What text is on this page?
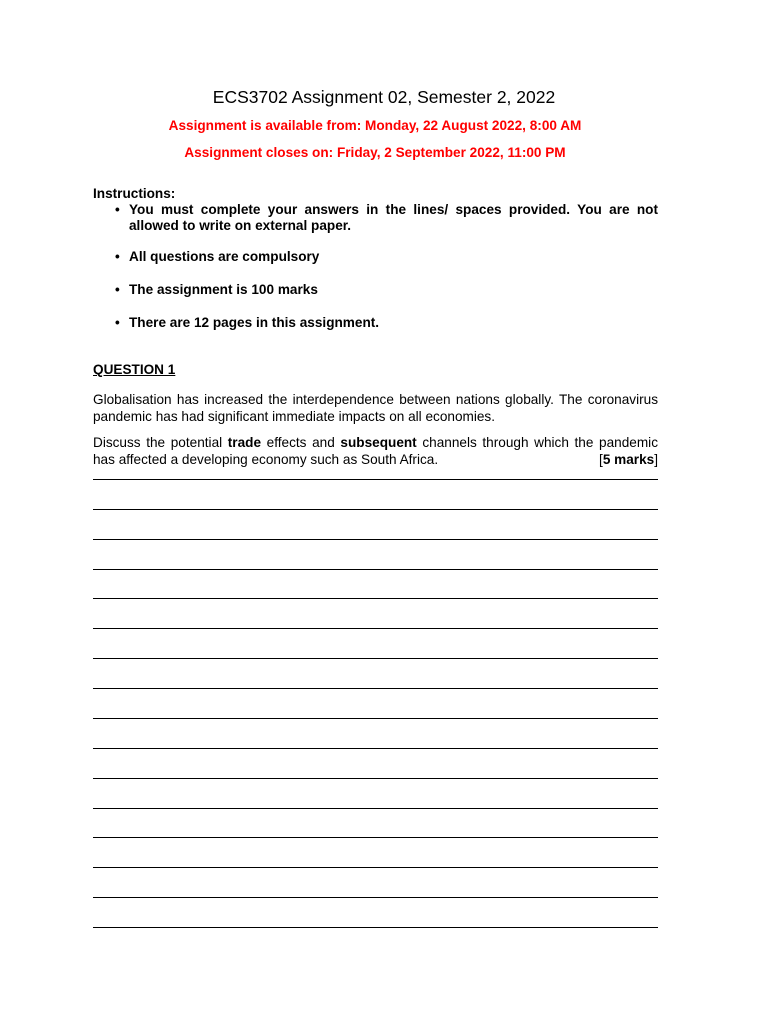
ECS3702 Assignment 02, Semester 2, 2022
Assignment is available from: Monday, 22 August 2022, 8:00 AM
Assignment closes on: Friday, 2 September 2022, 11:00 PM
Instructions:
• You must complete your answers in the lines/ spaces provided. You are not allowed to write on external paper.
• All questions are compulsory
• The assignment is 100 marks
• There are 12 pages in this assignment.
QUESTION 1
Globalisation has increased the interdependence between nations globally. The coronavirus pandemic has had significant immediate impacts on all economies.
Discuss the potential trade effects and subsequent channels through which the pandemic has affected a developing economy such as South Africa.	[5 marks]
